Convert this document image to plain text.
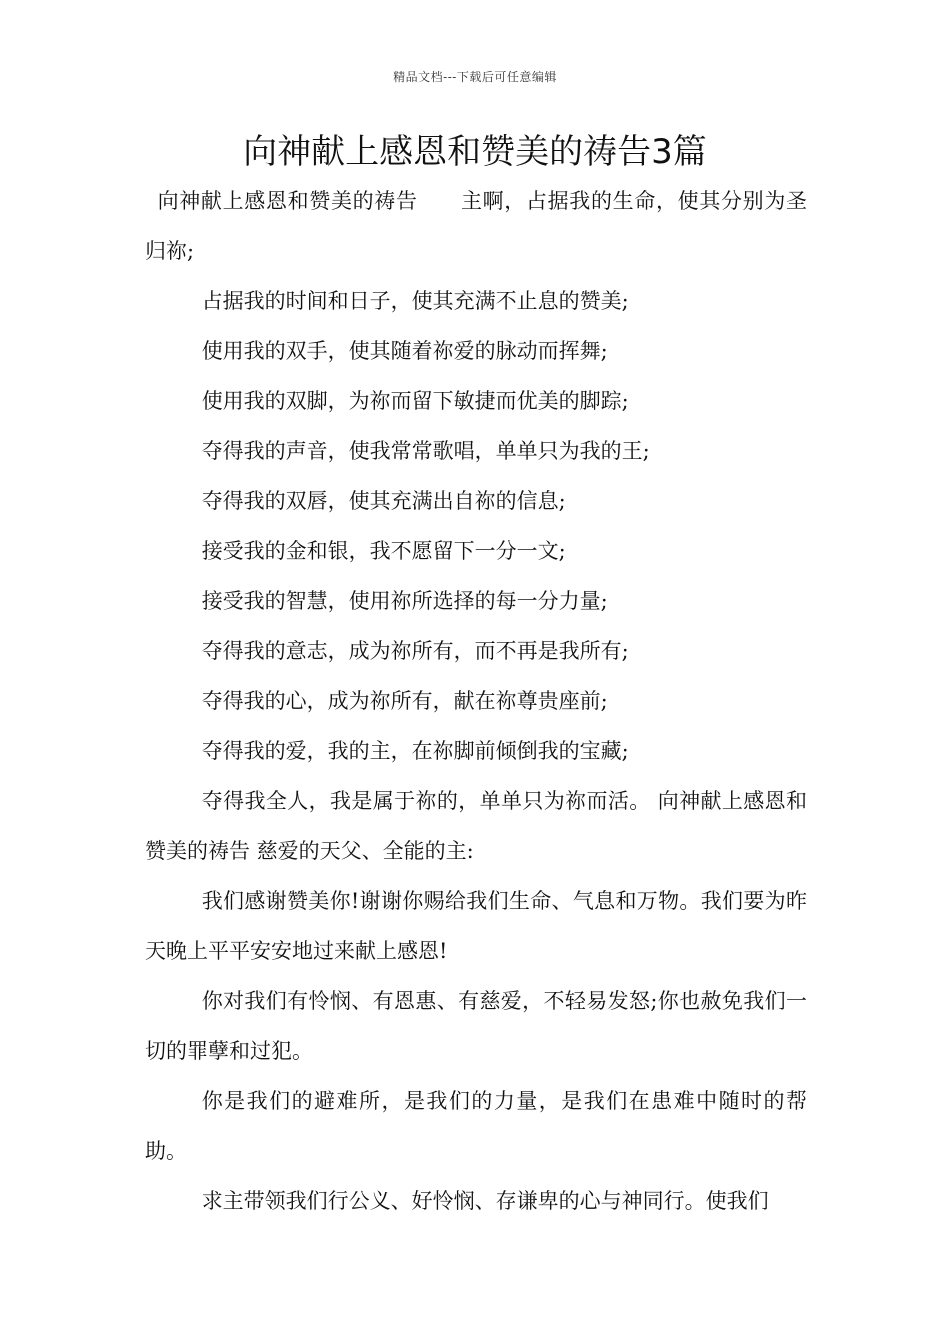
精品文档---下载后可任意编辑
向神献上感恩和赞美的祷告3篇

向神献上感恩和赞美的祷告　　主啊，占据我的生命，使其分别为圣归祢;

占据我的时间和日子，使其充满不止息的赞美;

使用我的双手，使其随着祢爱的脉动而挥舞;

使用我的双脚，为祢而留下敏捷而优美的脚踪;

夺得我的声音，使我常常歌唱，单单只为我的王;

夺得我的双唇，使其充满出自祢的信息;

接受我的金和银，我不愿留下一分一文;

接受我的智慧，使用祢所选择的每一分力量;

夺得我的意志，成为祢所有，而不再是我所有;

夺得我的心，成为祢所有，献在祢尊贵座前;

夺得我的爱，我的主，在祢脚前倾倒我的宝藏;

夺得我全人，我是属于祢的，单单只为祢而活。 向神献上感恩和赞美的祷告 慈爱的天父、全能的主:

我们感谢赞美你!谢谢你赐给我们生命、气息和万物。我们要为昨天晚上平平安安地过来献上感恩!

你对我们有怜悯、有恩惠、有慈爱，不轻易发怒;你也赦免我们一切的罪孽和过犯。

你是我们的避难所，是我们的力量，是我们在患难中随时的帮助。

求主带领我们行公义、好怜悯、存谦卑的心与神同行。使我们
